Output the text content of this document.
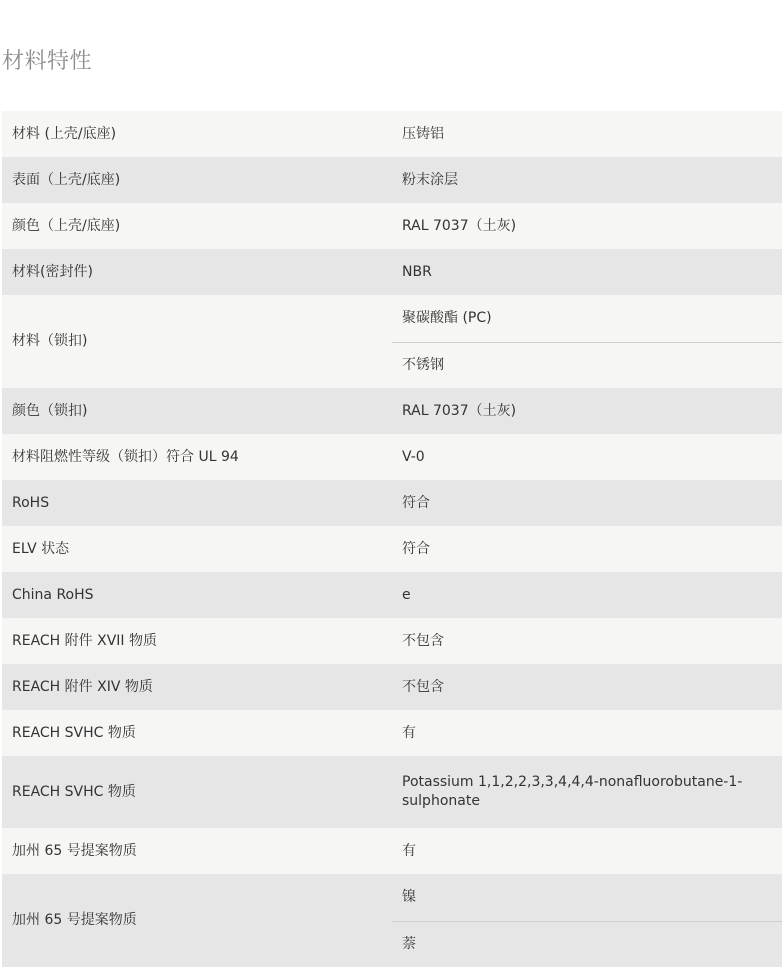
材料特性
材料 (上壳/底座)	压铸铝
表面（上壳/底座)	粉末涂层
颜色（上壳/底座)	RAL 7037（土灰)
材料(密封件)	NBR
材料（锁扣)	聚碳酸酯 (PC)
不锈钢

颜色（锁扣)	RAL 7037（土灰)
材料阻燃性等级（锁扣）符合 UL 94	V-0
RoHS	符合
ELV 状态	符合
China RoHS	e
REACH 附件 XVII 物质	不包含
REACH 附件 XIV 物质	不包含
REACH SVHC 物质	有
REACH SVHC 物质	Potassium 1,1,2,2,3,3,4,4,4-nonafluorobutane-1-sulphonate
加州 65 号提案物质	有
加州 65 号提案物质	镍
萘
